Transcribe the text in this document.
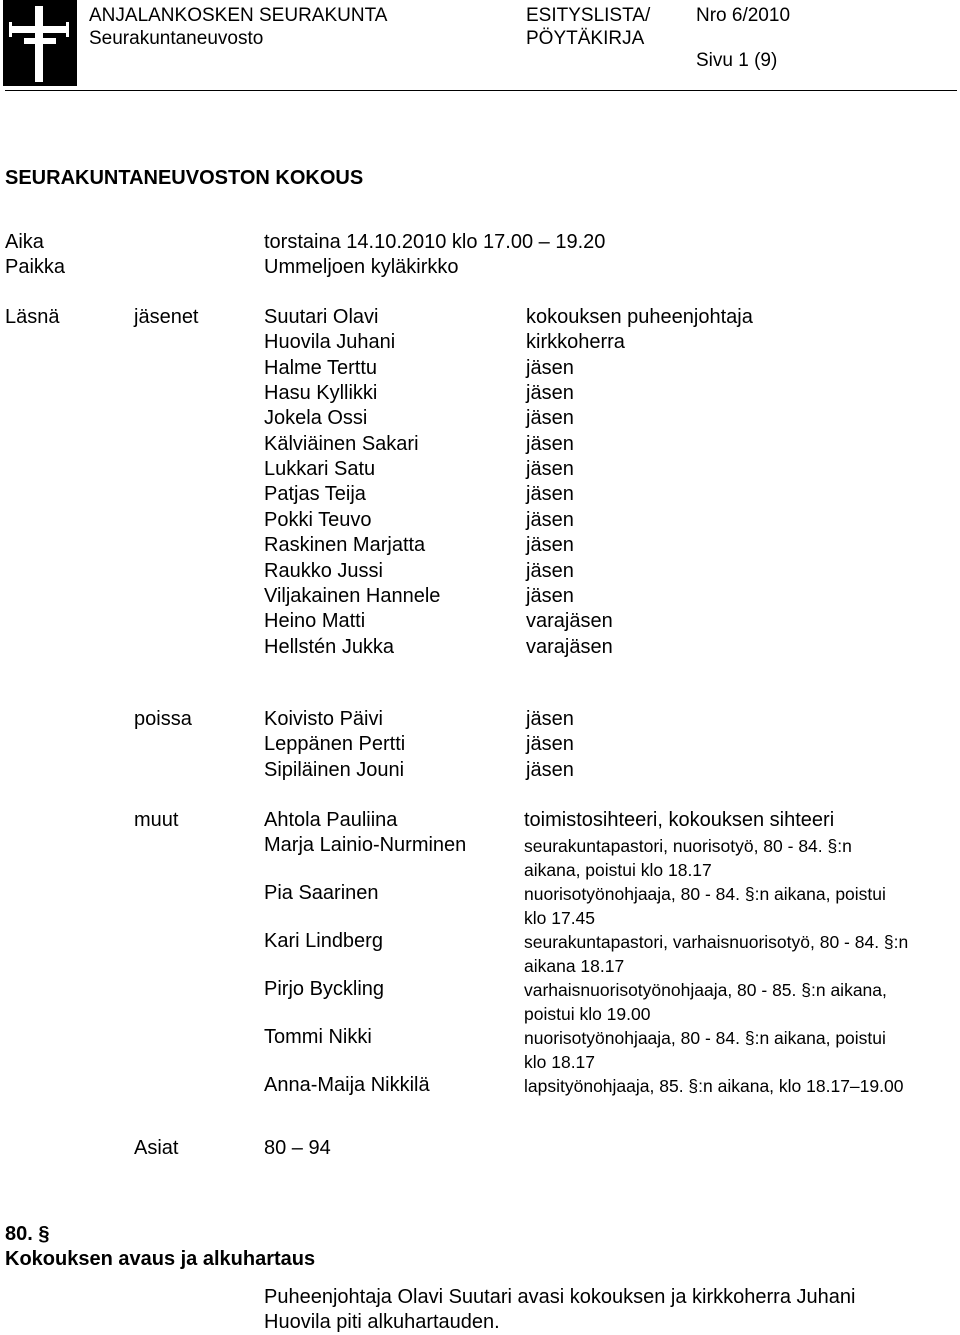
ANJALANKOSKEN SEURAKUNTA
Seurakuntaneuvosto
ESITYSLISTA/
PÖYTÄKIRJA
Nro 6/2010
Sivu 1 (9)
SEURAKUNTANEUVOSTON KOKOUS
Aika	torstaina 14.10.2010 klo 17.00 – 19.20
Paikka	Ummeljoen kyläkirkko
Läsnä	jäsenet	Suutari Olavi	kokouksen puheenjohtaja
Huovila Juhani	kirkkoherra
Halme Terttu	jäsen
Hasu Kyllikki	jäsen
Jokela Ossi	jäsen
Kälviäinen Sakari	jäsen
Lukkari Satu	jäsen
Patjas Teija	jäsen
Pokki Teuvo	jäsen
Raskinen Marjatta	jäsen
Raukko Jussi	jäsen
Viljakainen Hannele	jäsen
Heino Matti	varajäsen
Hellstén Jukka	varajäsen
poissa	Koivisto Päivi	jäsen
Leppänen Pertti	jäsen
Sipiläinen Jouni	jäsen
muut	Ahtola Pauliina	toimistosihteeri, kokouksen sihteeri
Marja Lainio-Nurminen	seurakuntapastori, nuorisotyö, 80 - 84. §:n
aikana, poistui klo 18.17
Pia Saarinen	nuorisotyönohjaaja, 80 - 84. §:n aikana, poistui
klo 17.45
Kari Lindberg	seurakuntapastori, varhaisnuorisotyö, 80 - 84. §:n
aikana 18.17
Pirjo Byckling	varhaisnuorisotyönohjaaja, 80 - 85. §:n aikana,
poistui klo 19.00
Tommi Nikki	nuorisotyönohjaaja, 80 - 84. §:n aikana, poistui
klo 18.17
Anna-Maija Nikkilä	lapsityönohjaaja, 85. §:n aikana, klo 18.17–19.00
Asiat	80 – 94
80. §
Kokouksen avaus ja alkuhartaus
Puheenjohtaja Olavi Suutari avasi kokouksen ja kirkkoherra Juhani
Huovila piti alkuhartauden.
